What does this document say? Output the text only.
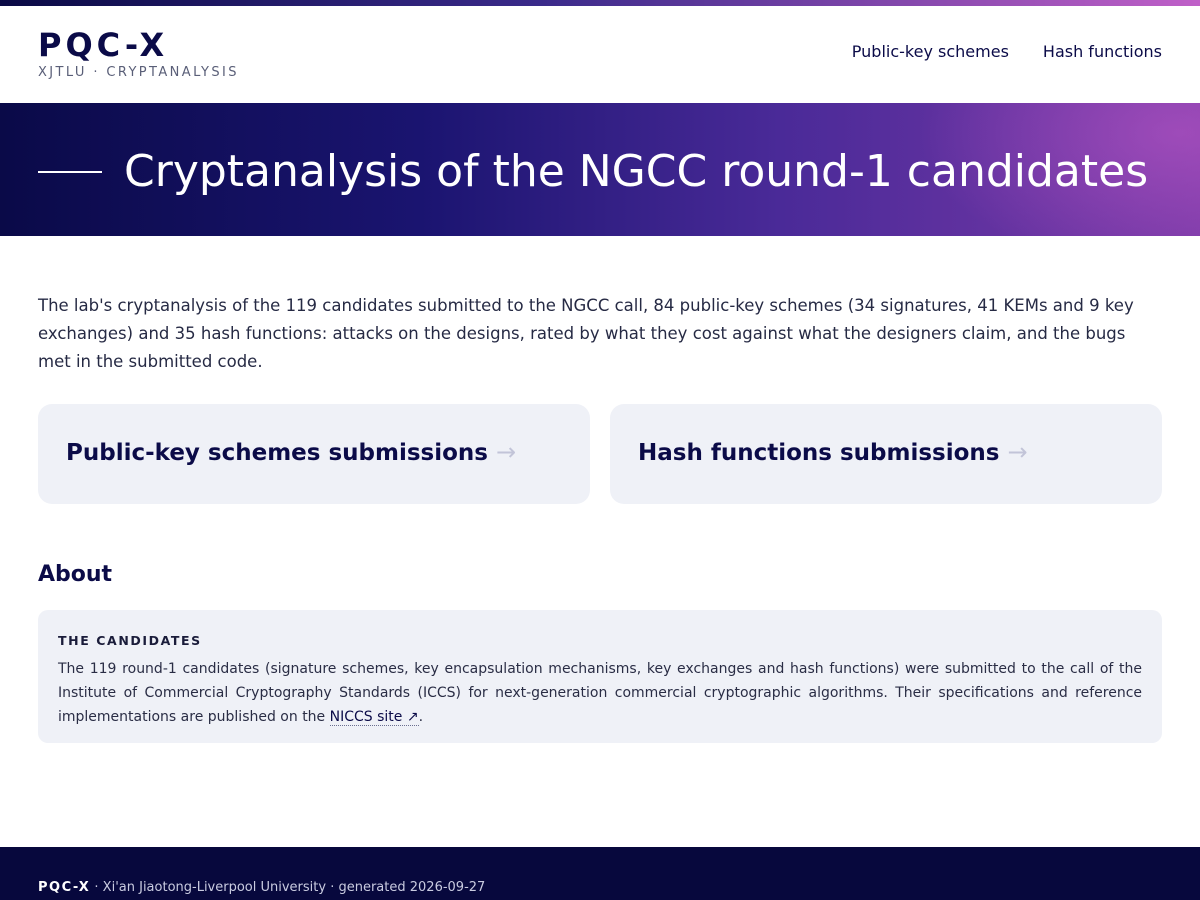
PQC-X
XJTLU · CRYPTANALYSIS
Public-key schemes Hash functions
Cryptanalysis of the NGCC round-1 candidates

The lab's cryptanalysis of the 119 candidates submitted to the NGCC call, 84 public-key schemes (34 signatures, 41 KEMs and 9 key exchanges) and 35 hash functions: attacks on the designs, rated by what they cost against what the designers claim, and the bugs met in the submitted code.

Public-key schemes submissions →	Hash functions submissions →
About
THE CANDIDATES

The 119 round-1 candidates (signature schemes, key encapsulation mechanisms, key exchanges and hash functions) were submitted to the call of the Institute of Commercial Cryptography Standards (ICCS) for next-generation commercial cryptographic algorithms. Their specifications and reference implementations are published on the NICCS site ↗.

PQC-X · Xi'an Jiaotong-Liverpool University · generated 2026-09-27
